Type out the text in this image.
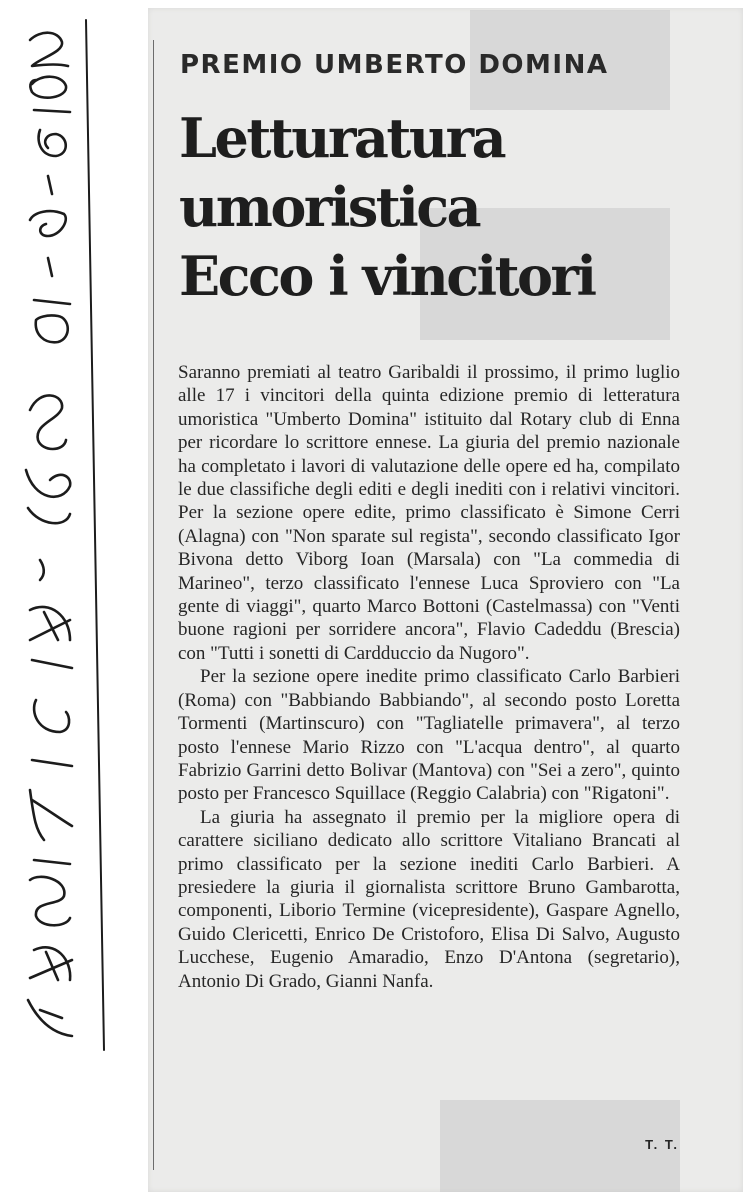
PREMIO UMBERTO DOMINA
Letturatura
umoristica
Ecco i vincitori

Saranno premiati al teatro Garibaldi il prossimo, il primo luglio alle 17 i vincitori della quinta edizione premio di letteratura umoristica "Umberto Domina" istituito dal Rotary club di Enna per ricordare lo scrittore ennese. La giuria del premio nazionale ha completato i lavori di valutazione delle opere ed ha, compilato le due classifiche degli editi e degli inediti con i relativi vincitori. Per la sezione opere edite, primo classificato è Simone Cerri (Alagna) con "Non sparate sul regista", secondo classificato Igor Bivona detto Viborg Ioan (Marsala) con "La commedia di Marineo", terzo classificato l'ennese Luca Sproviero con "La gente di viaggi", quarto Marco Bottoni (Castelmassa) con "Venti buone ragioni per sorridere ancora", Flavio Cadeddu (Brescia) con "Tutti i sonetti di Cardduccio da Nugoro".

Per la sezione opere inedite primo classificato Carlo Barbieri (Roma) con "Babbiando Babbiando", al secondo posto Loretta Tormenti (Martinscuro) con "Tagliatelle primavera", al terzo posto l'ennese Mario Rizzo con "L'acqua dentro", al quarto Fabrizio Garrini detto Bolivar (Mantova) con "Sei a zero", quinto posto per Francesco Squillace (Reggio Calabria) con "Rigatoni".

La giuria ha assegnato il premio per la migliore opera di carattere siciliano dedicato allo scrittore Vitaliano Brancati al primo classificato per la sezione inediti Carlo Barbieri. A presiedere la giuria il giornalista scrittore Bruno Gambarotta, componenti, Liborio Termine (vicepresidente), Gaspare Agnello, Guido Clericetti, Enrico De Cristoforo, Elisa Di Salvo, Augusto Lucchese, Eugenio Amaradio, Enzo D'Antona (segretario), Antonio Di Grado, Gianni Nanfa.

T. T.
